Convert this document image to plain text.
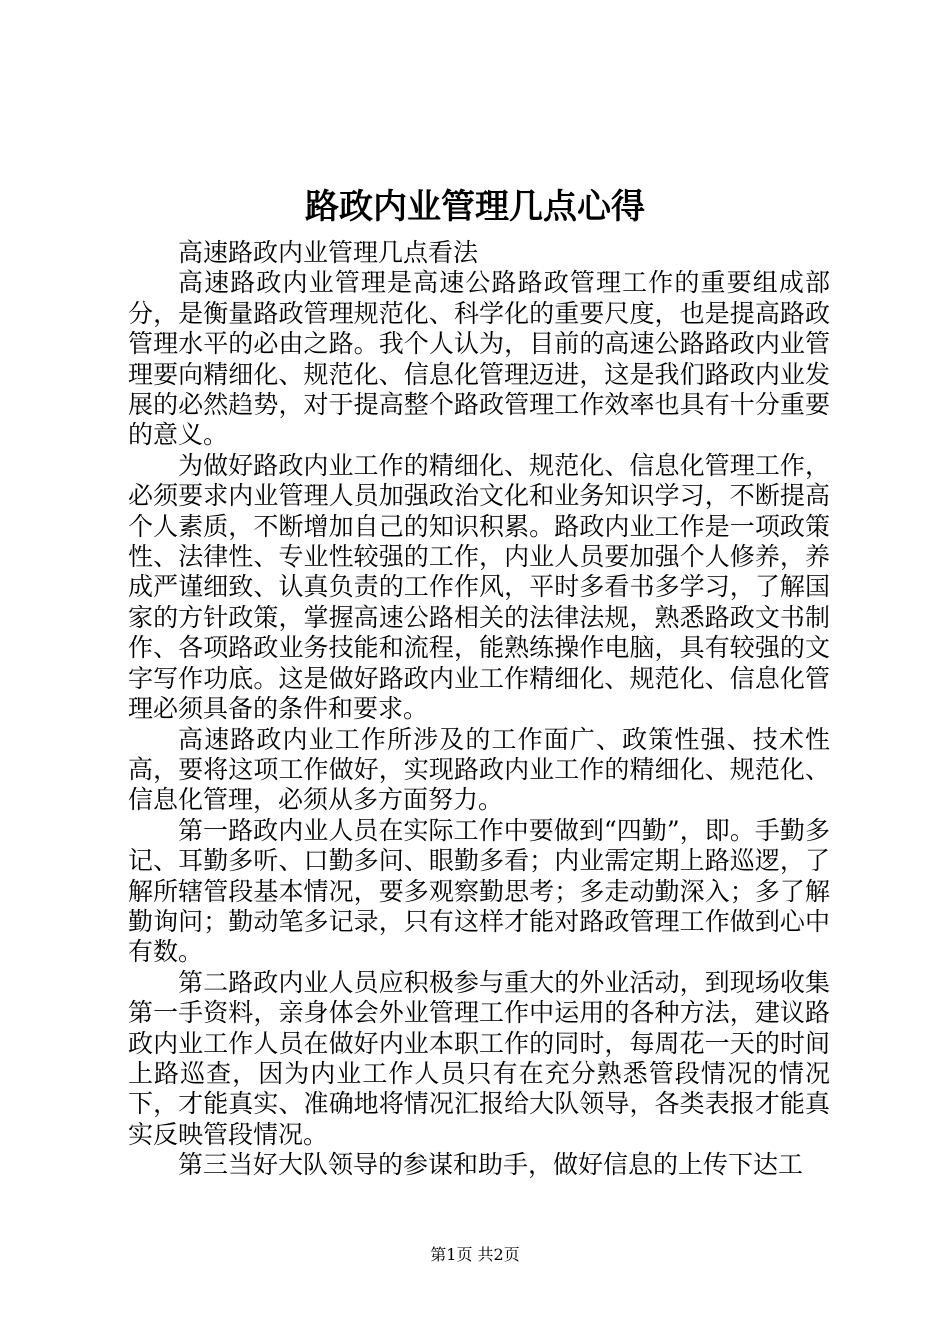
路政内业管理几点心得

高速路政内业管理几点看法

高速路政内业管理是高速公路路政管理工作的重要组成部分，是衡量路政管理规范化、科学化的重要尺度，也是提高路政管理水平的必由之路。我个人认为，目前的高速公路路政内业管理要向精细化、规范化、信息化管理迈进，这是我们路政内业发展的必然趋势，对于提高整个路政管理工作效率也具有十分重要的意义。

为做好路政内业工作的精细化、规范化、信息化管理工作，必须要求内业管理人员加强政治文化和业务知识学习，不断提高个人素质，不断增加自己的知识积累。路政内业工作是一项政策性、法律性、专业性较强的工作，内业人员要加强个人修养，养成严谨细致、认真负责的工作作风，平时多看书多学习，了解国家的方针政策，掌握高速公路相关的法律法规，熟悉路政文书制作、各项路政业务技能和流程，能熟练操作电脑，具有较强的文字写作功底。这是做好路政内业工作精细化、规范化、信息化管理必须具备的条件和要求。

高速路政内业工作所涉及的工作面广、政策性强、技术性高，要将这项工作做好，实现路政内业工作的精细化、规范化、信息化管理，必须从多方面努力。

第一路政内业人员在实际工作中要做到“四勤”，即。手勤多记、耳勤多听、口勤多问、眼勤多看；内业需定期上路巡逻，了解所辖管段基本情况，要多观察勤思考；多走动勤深入；多了解勤询问；勤动笔多记录，只有这样才能对路政管理工作做到心中有数。

第二路政内业人员应积极参与重大的外业活动，到现场收集第一手资料，亲身体会外业管理工作中运用的各种方法，建议路政内业工作人员在做好内业本职工作的同时，每周花一天的时间上路巡查，因为内业工作人员只有在充分熟悉管段情况的情况下，才能真实、准确地将情况汇报给大队领导，各类表报才能真实反映管段情况。

第三当好大队领导的参谋和助手，做好信息的上传下达工

第1页 共2页
